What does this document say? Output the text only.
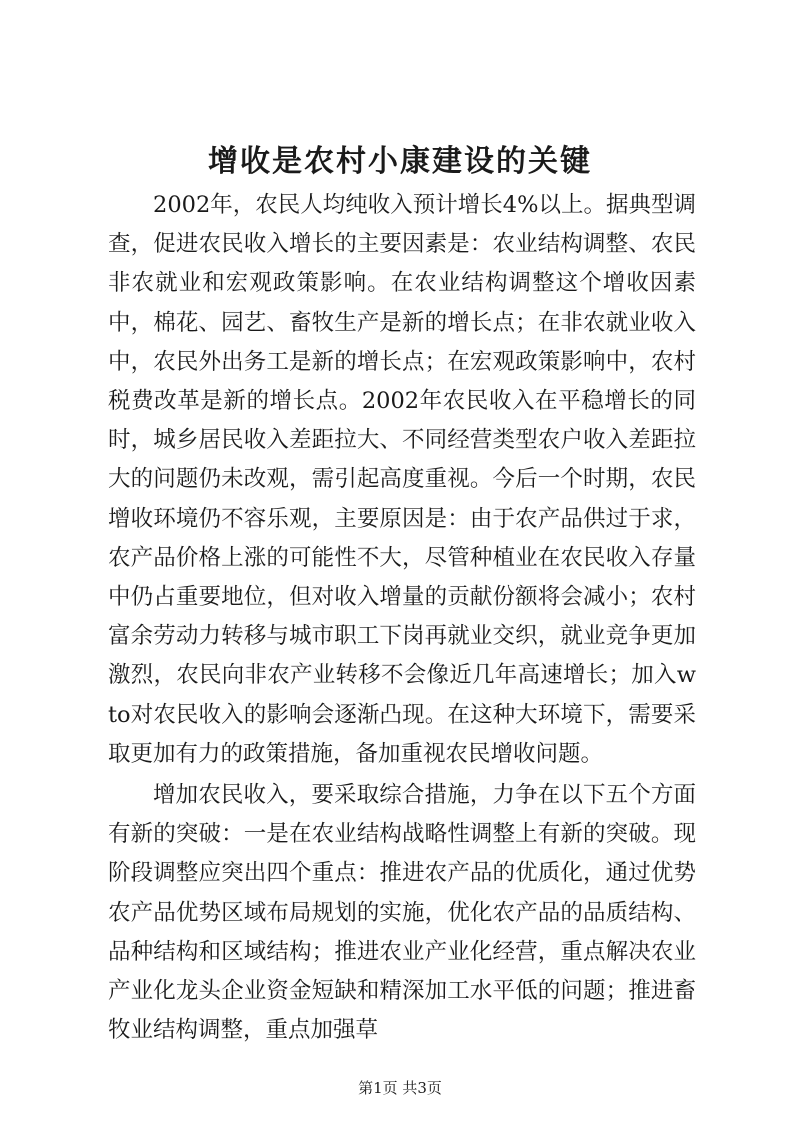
增收是农村小康建设的关键

2002年，农民人均纯收入预计增长4%以上。据典型调查，促进农民收入增长的主要因素是：农业结构调整、农民非农就业和宏观政策影响。在农业结构调整这个增收因素中，棉花、园艺、畜牧生产是新的增长点；在非农就业收入中，农民外出务工是新的增长点；在宏观政策影响中，农村税费改革是新的增长点。2002年农民收入在平稳增长的同时，城乡居民收入差距拉大、不同经营类型农户收入差距拉大的问题仍未改观，需引起高度重视。今后一个时期，农民增收环境仍不容乐观，主要原因是：由于农产品供过于求，农产品价格上涨的可能性不大，尽管种植业在农民收入存量中仍占重要地位，但对收入增量的贡献份额将会减小；农村富余劳动力转移与城市职工下岗再就业交织，就业竞争更加激烈，农民向非农产业转移不会像近几年高速增长；加入wto对农民收入的影响会逐渐凸现。在这种大环境下，需要采取更加有力的政策措施，备加重视农民增收问题。

增加农民收入，要采取综合措施，力争在以下五个方面有新的突破：一是在农业结构战略性调整上有新的突破。现阶段调整应突出四个重点：推进农产品的优质化，通过优势农产品优势区域布局规划的实施，优化农产品的品质结构、品种结构和区域结构；推进农业产业化经营，重点解决农业产业化龙头企业资金短缺和精深加工水平低的问题；推进畜牧业结构调整，重点加强草

第1页 共3页
